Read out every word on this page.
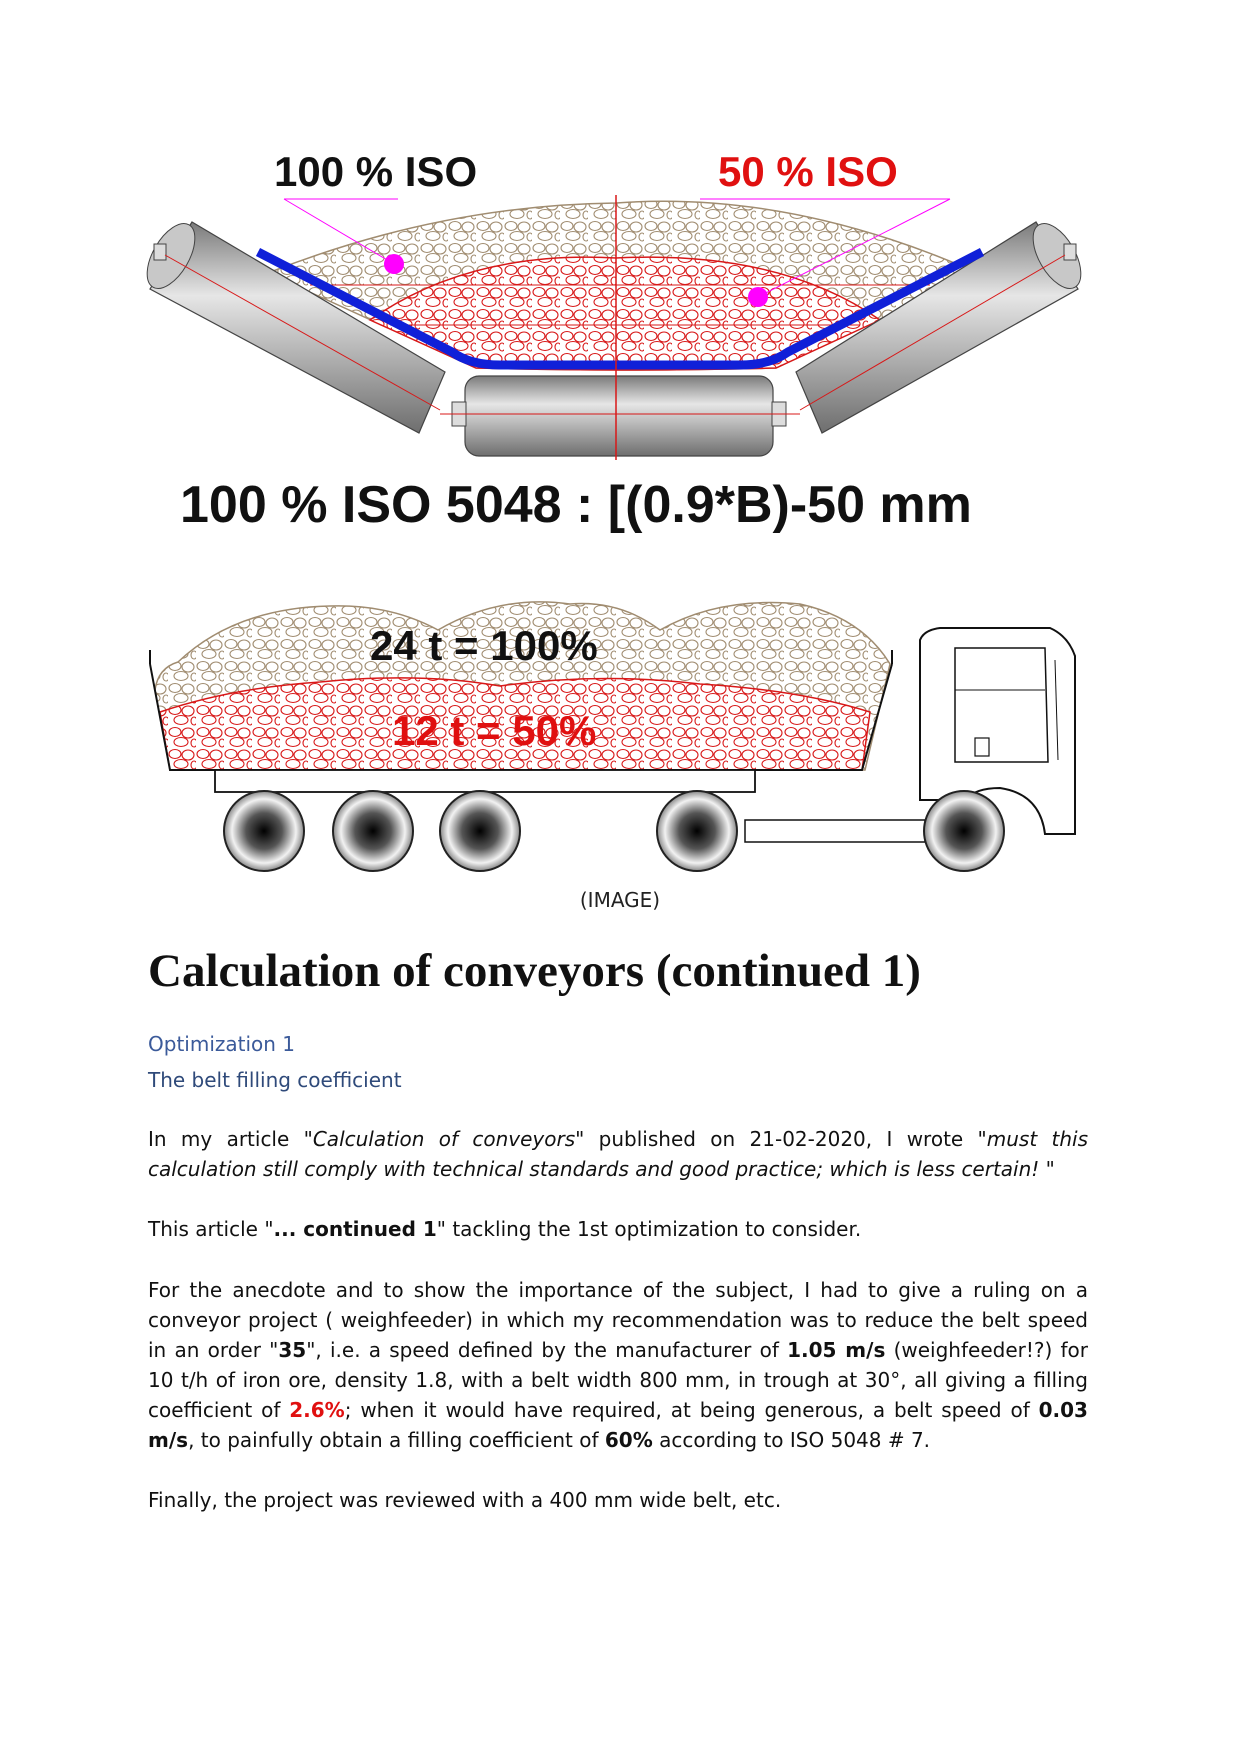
100 % ISO	50 % ISO
100 % ISO 5048 : [(0.9*B)-50 mm
24 t = 100%
12 t = 50%
(IMAGE)
Calculation of conveyors (continued 1)
Optimization 1
The belt filling coefficient

In my article "Calculation of conveyors" published on 21-02-2020, I wrote "must this calculation still comply with technical standards and good practice; which is less certain! "

This article "... continued 1" tackling the 1st optimization to consider.

For the anecdote and to show the importance of the subject, I had to give a ruling on a conveyor project ( weighfeeder) in which my recommendation was to reduce the belt speed in an order "35", i.e. a speed defined by the manufacturer of 1.05 m/s (weighfeeder!?) for 10 t/h of iron ore, density 1.8, with a belt width 800 mm, in trough at 30°, all giving a filling coefficient of 2.6%; when it would have required, at being generous, a belt speed of 0.03 m/s, to painfully obtain a filling coefficient of 60% according to ISO 5048 # 7.

Finally, the project was reviewed with a 400 mm wide belt, etc.
